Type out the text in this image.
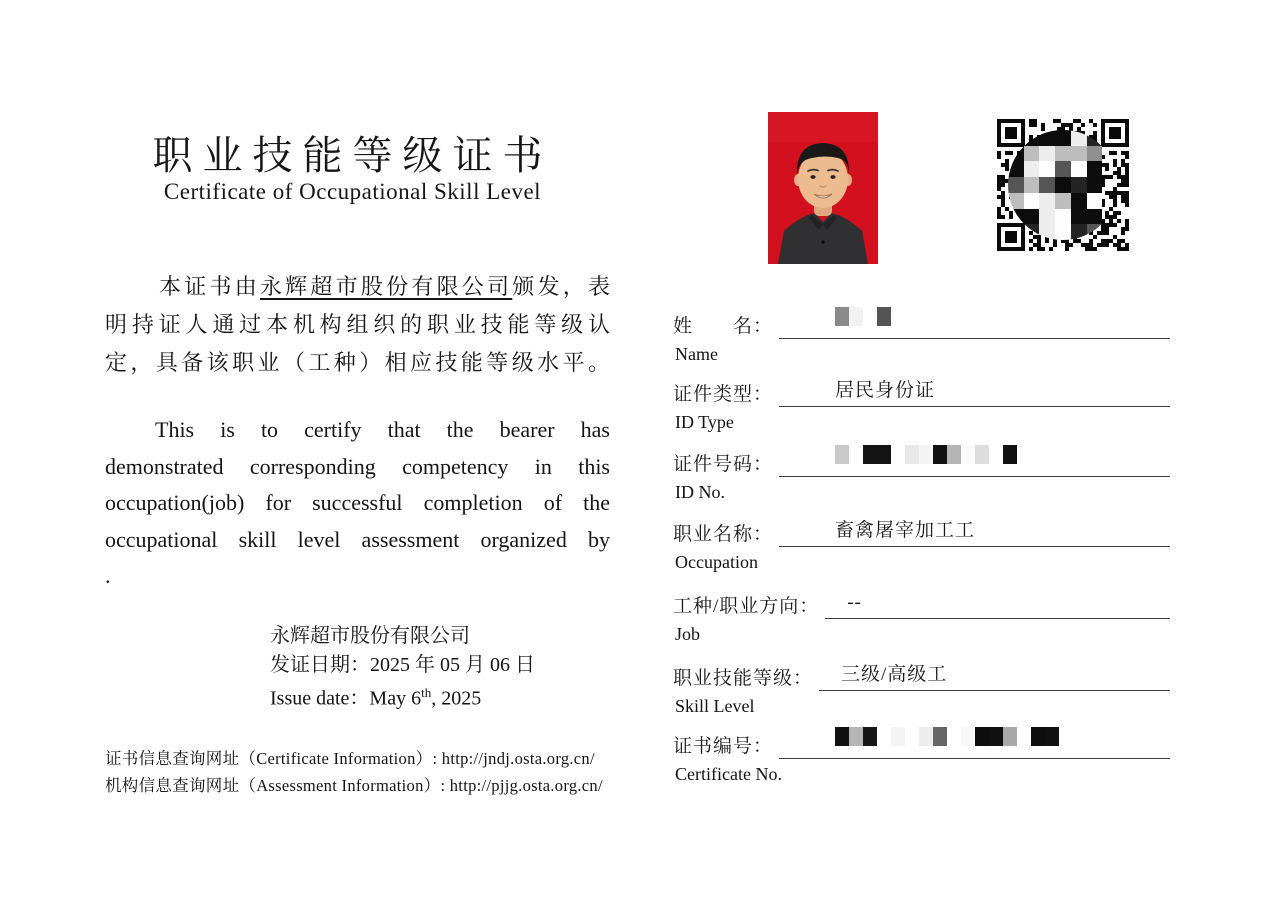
职业技能等级证书
Certificate of Occupational Skill Level
本证书由永辉超市股份有限公司颁发，表
明持证人通过本机构组织的职业技能等级认
定，具备该职业（工种）相应技能等级水平。
This is to certify that the bearer has
demonstrated corresponding competency in this
occupation(job) for successful completion of the
occupational skill level assessment organized by
.
永辉超市股份有限公司
发证日期：2025 年 05 月 06 日
Issue date：May 6th, 2025
证书信息查询网址（Certificate Information）: http://jndj.osta.org.cn/
机构信息查询网址（Assessment Information）: http://pjjg.osta.org.cn/
姓　　名：
Name
证件类型：	居民身份证
ID Type
证件号码：
ID No.
职业名称：	畜禽屠宰加工工
Occupation
工种/职业方向： --
Job
职业技能等级： 三级/高级工
Skill Level
证书编号：
Certificate No.
